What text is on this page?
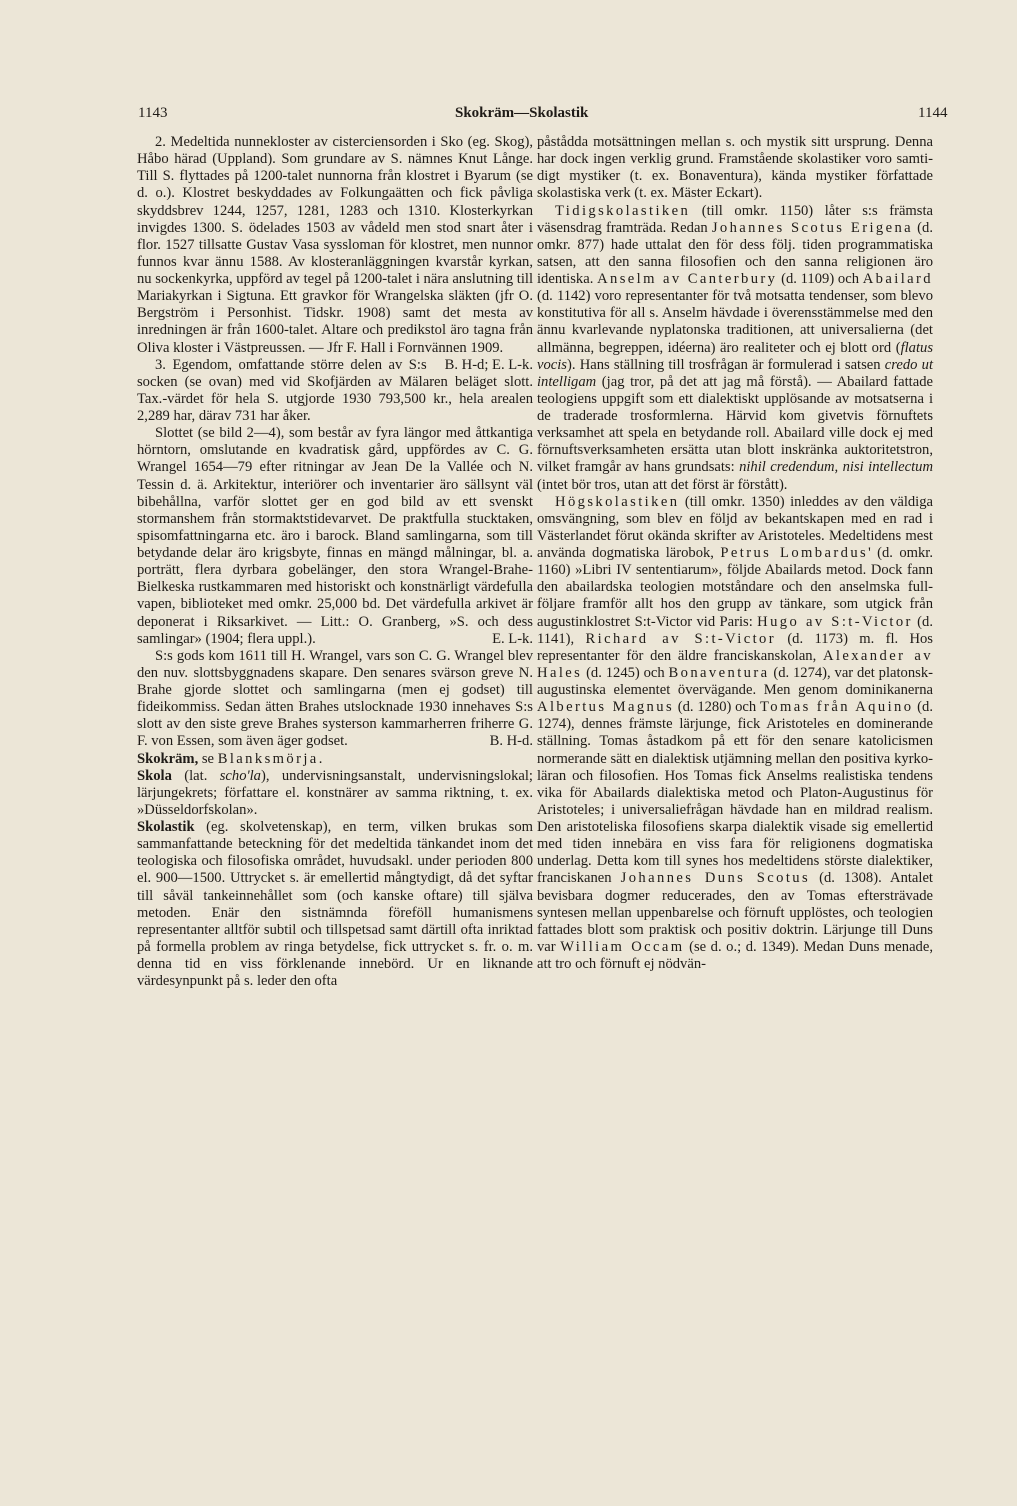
1143	Skokräm—Skolastik	1144

2. Medeltida nunnekloster av cisterciensorden i Sko (eg. Skog), Håbo härad (Uppland). Som grundare av S. nämnes Knut Långe. Till S. flyttades på 1200-talet nunnorna från klostret i Byarum (se d. o.). Klostret beskyddades av Folkungaätten och fick påvliga skyddsbrev 1244, 1257, 1281, 1283 och 1310. Klosterkyrkan invigdes 1300. S. ödelades 1503 av vådeld men stod snart åter i flor. 1527 tillsatte Gustav Vasa syssloman för klostret, men nunnor funnos kvar ännu 1588. Av klosteranläggningen kvarstår kyrkan, nu sockenkyrka, uppförd av tegel på 1200-talet i nära anslutning till Mariakyrkan i Sigtuna. Ett gravkor för Wrangelska släkten (jfr O. Bergström i Personhist. Tidskr. 1908) samt det mesta av inredningen är från 1600-talet. Altare och predikstol äro tagna från Oliva kloster i Västpreussen. — Jfr F. Hall i Fornvännen 1909.
B. H-d; E. L-k.

3. Egendom, omfattande större delen av S:s socken (se ovan) med vid Skofjärden av Mälaren beläget slott. Tax.-värdet för hela S. utgjorde 1930 793,500 kr., hela arealen 2,289 har, därav 731 har åker.

Slottet (se bild 2—4), som består av fyra längor med åttkantiga hörntorn, omslutande en kvadratisk gård, uppfördes av C. G. Wrangel 1654—79 efter ritningar av Jean De la Vallée och N. Tessin d. ä. Arkitektur, interiörer och inventarier äro sällsynt väl bibehållna, varför slottet ger en god bild av ett svenskt stormanshem från stormaktstidevarvet. De praktfulla stucktaken, spisomfattningarna etc. äro i barock. Bland samlingarna, som till betydande delar äro krigsbyte, finnas en mängd målningar, bl. a. porträtt, flera dyrbara gobelänger, den stora Wrangel-Brahe-Bielkeska rustkammaren med historiskt och konstnärligt värdefulla vapen, biblioteket med omkr. 25,000 bd. Det värdefulla arkivet är deponerat i Riksarkivet. — Litt.: O. Granberg, »S. och dess samlingar» (1904; flera uppl.).	E. L-k.

S:s gods kom 1611 till H. Wrangel, vars son C. G. Wrangel blev den nuv. slottsbyggnadens skapare. Den senares svärson greve N. Brahe gjorde slottet och samlingarna (men ej godset) till fideikommiss. Sedan ätten Brahes utslocknade 1930 innehaves S:s slott av den siste greve Brahes systerson kammarherren friherre G. F. von Essen, som även äger godset.	B. H-d.

Skokräm, se Blanksmörja.

Skola (lat. scho'la), undervisningsanstalt, undervisningslokal; lärjungekrets; författare el. konstnärer av samma riktning, t. ex. »Düsseldorfskolan».

Skolastik (eg. skolvetenskap), en term, vilken brukas som sammanfattande beteckning för det medeltida tänkandet inom det teologiska och filosofiska området, huvudsakl. under perioden 800 el. 900—1500. Uttrycket s. är emellertid mångtydigt, då det syftar till såväl tankeinnehållet som (och kanske oftare) till själva metoden. Enär den sistnämnda föreföll humanismens representanter alltför subtil och tillspetsad samt därtill ofta inriktad på formella problem av ringa betydelse, fick uttrycket s. fr. o. m. denna tid en viss förklenande innebörd. Ur en liknande värdesynpunkt på s. leder den ofta

påstådda motsättningen mellan s. och mystik sitt ursprung. Denna har dock ingen verklig grund. Framstående skolastiker voro samtidigt mystiker (t. ex. Bonaventura), kända mystiker författade skolastiska verk (t. ex. Mäster Eckart).

Tidigskolastiken (till omkr. 1150) låter s:s främsta väsensdrag framträda. Redan Johannes Scotus Erigena (d. omkr. 877) hade uttalat den för dess följ. tiden programmatiska satsen, att den sanna filosofien och den sanna religionen äro identiska. Anselm av Canterbury (d. 1109) och Abailard (d. 1142) voro representanter för två motsatta tendenser, som blevo konstitutiva för all s. Anselm hävdade i överensstämmelse med den ännu kvarlevande nyplatonska traditionen, att universalierna (det allmänna, begreppen, idéerna) äro realiteter och ej blott ord (flatus vocis). Hans ställning till trosfrågan är formulerad i satsen credo ut intelligam (jag tror, på det att jag må förstå). — Abailard fattade teologiens uppgift som ett dialektiskt upplösande av motsatserna i de traderade trosformlerna. Härvid kom givetvis förnuftets verksamhet att spela en betydande roll. Abailard ville dock ej med förnuftsverksamheten ersätta utan blott inskränka auktoritetstron, vilket framgår av hans grundsats: nihil credendum, nisi intellectum (intet bör tros, utan att det först är förstått).

Högskolastiken (till omkr. 1350) inleddes av den väldiga omsvängning, som blev en följd av bekantskapen med en rad i Västerlandet förut okända skrifter av Aristoteles. Medeltidens mest använda dogmatiska lärobok, Petrus Lombardus' (d. omkr. 1160) »Libri IV sententiarum», följde Abailards metod. Dock fann den abailardska teologien motståndare och den anselmska fullföljare framför allt hos den grupp av tänkare, som utgick från augustinklostret S:t-Victor vid Paris: Hugo av S:t-Victor (d. 1141), Richard av S:t-Victor (d. 1173) m. fl. Hos representanter för den äldre franciskanskolan, Alexander av Hales (d. 1245) och Bonaventura (d. 1274), var det platonsk-augustinska elementet övervägande. Men genom dominikanerna Albertus Magnus (d. 1280) och Tomas från Aquino (d. 1274), dennes främste lärjunge, fick Aristoteles en dominerande ställning. Tomas åstadkom på ett för den senare katolicismen normerande sätt en dialektisk utjämning mellan den positiva kyrkoläran och filosofien. Hos Tomas fick Anselms realistiska tendens vika för Abailards dialektiska metod och Platon-Augustinus för Aristoteles; i universaliefrågan hävdade han en mildrad realism. Den aristoteliska filosofiens skarpa dialektik visade sig emellertid med tiden innebära en viss fara för religionens dogmatiska underlag. Detta kom till synes hos medeltidens störste dialektiker, franciskanen Johannes Duns Scotus (d. 1308). Antalet bevisbara dogmer reducerades, den av Tomas eftersträvade syntesen mellan uppenbarelse och förnuft upplöstes, och teologien fattades blott som praktisk och positiv doktrin. Lärjunge till Duns var William Occam (se d. o.; d. 1349). Medan Duns menade, att tro och förnuft ej nödvän-
